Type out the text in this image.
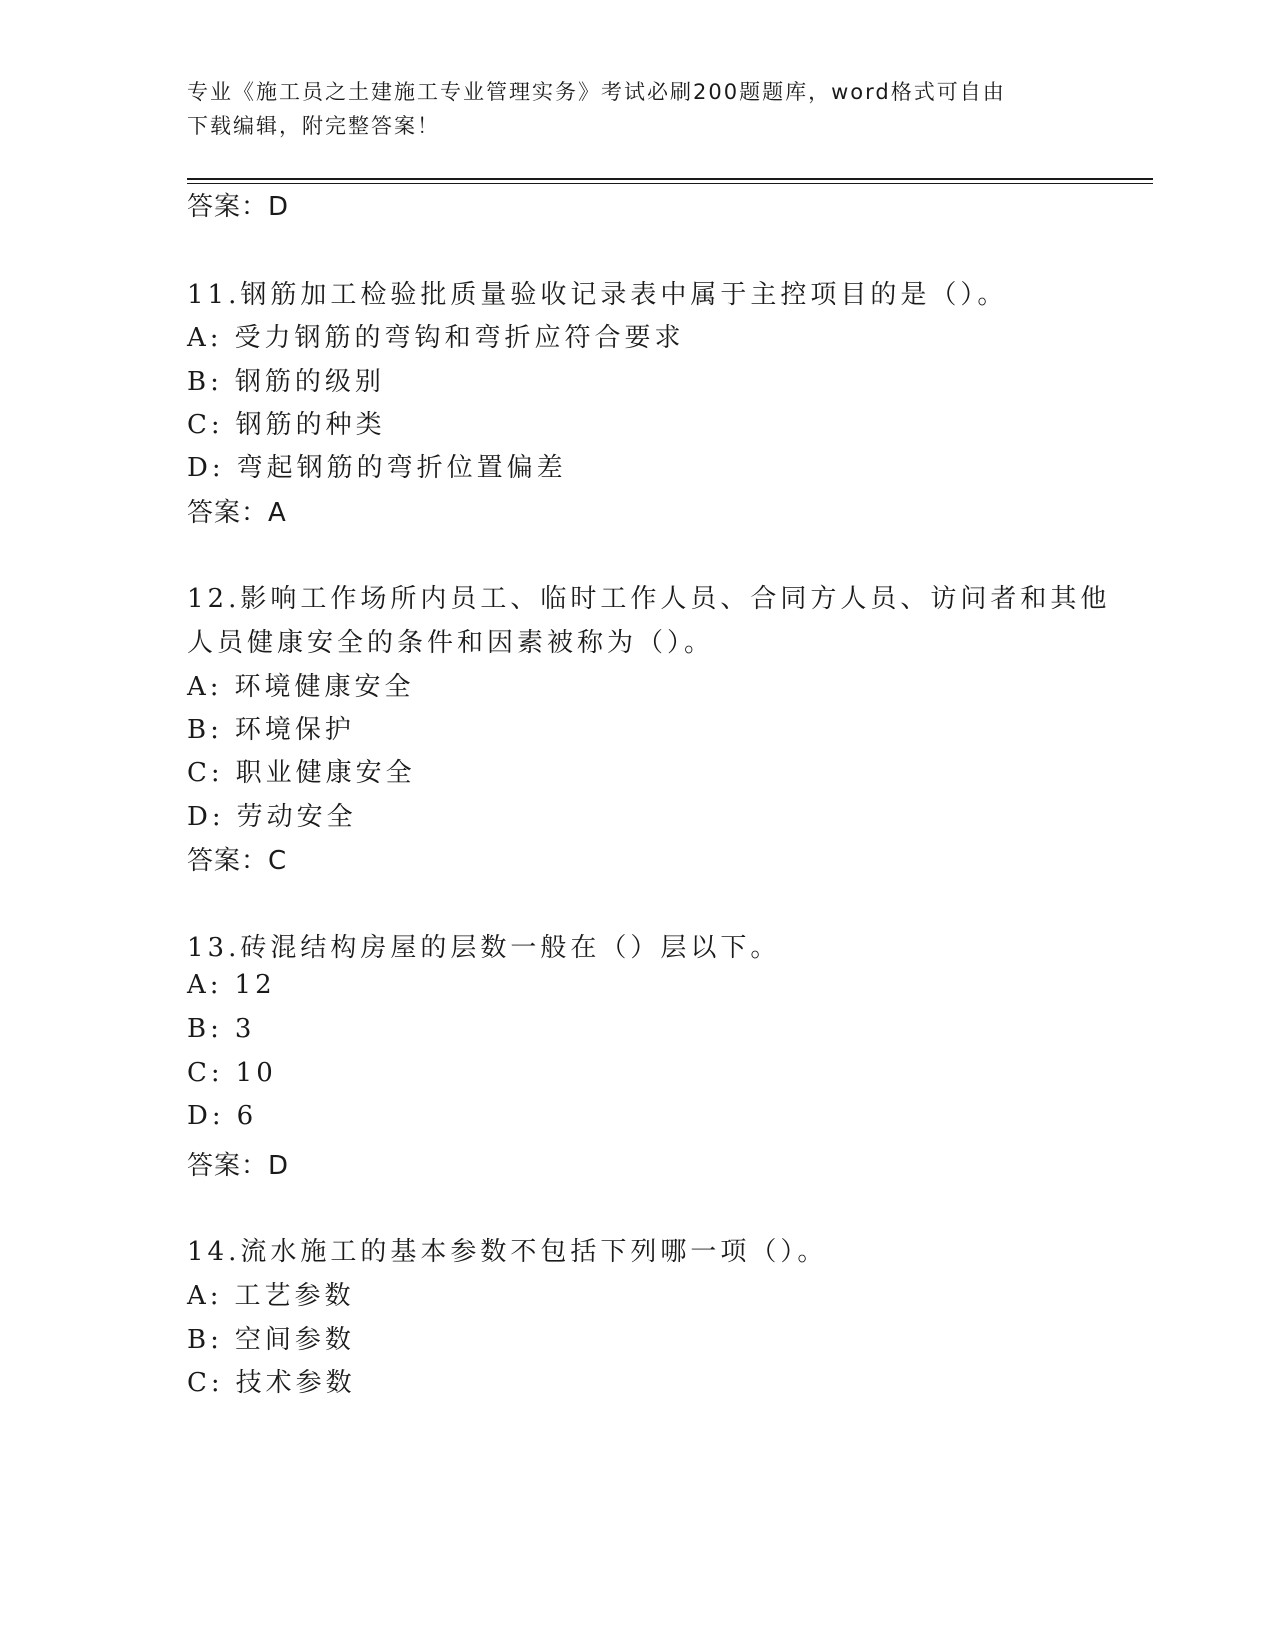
专业《施工员之土建施工专业管理实务》考试必刷200题题库，word格式可自由
下载编辑，附完整答案！
答案：D
11.钢筋加工检验批质量验收记录表中属于主控项目的是（）。
A: 受力钢筋的弯钩和弯折应符合要求
B: 钢筋的级别
C: 钢筋的种类
D: 弯起钢筋的弯折位置偏差
答案：A
12.影响工作场所内员工、临时工作人员、合同方人员、访问者和其他
人员健康安全的条件和因素被称为（）。
A: 环境健康安全
B: 环境保护
C: 职业健康安全
D: 劳动安全
答案：C
13.砖混结构房屋的层数一般在（）层以下。
A: 12
B: 3
C: 10
D: 6
答案：D
14.流水施工的基本参数不包括下列哪一项（）。
A: 工艺参数
B: 空间参数
C: 技术参数
